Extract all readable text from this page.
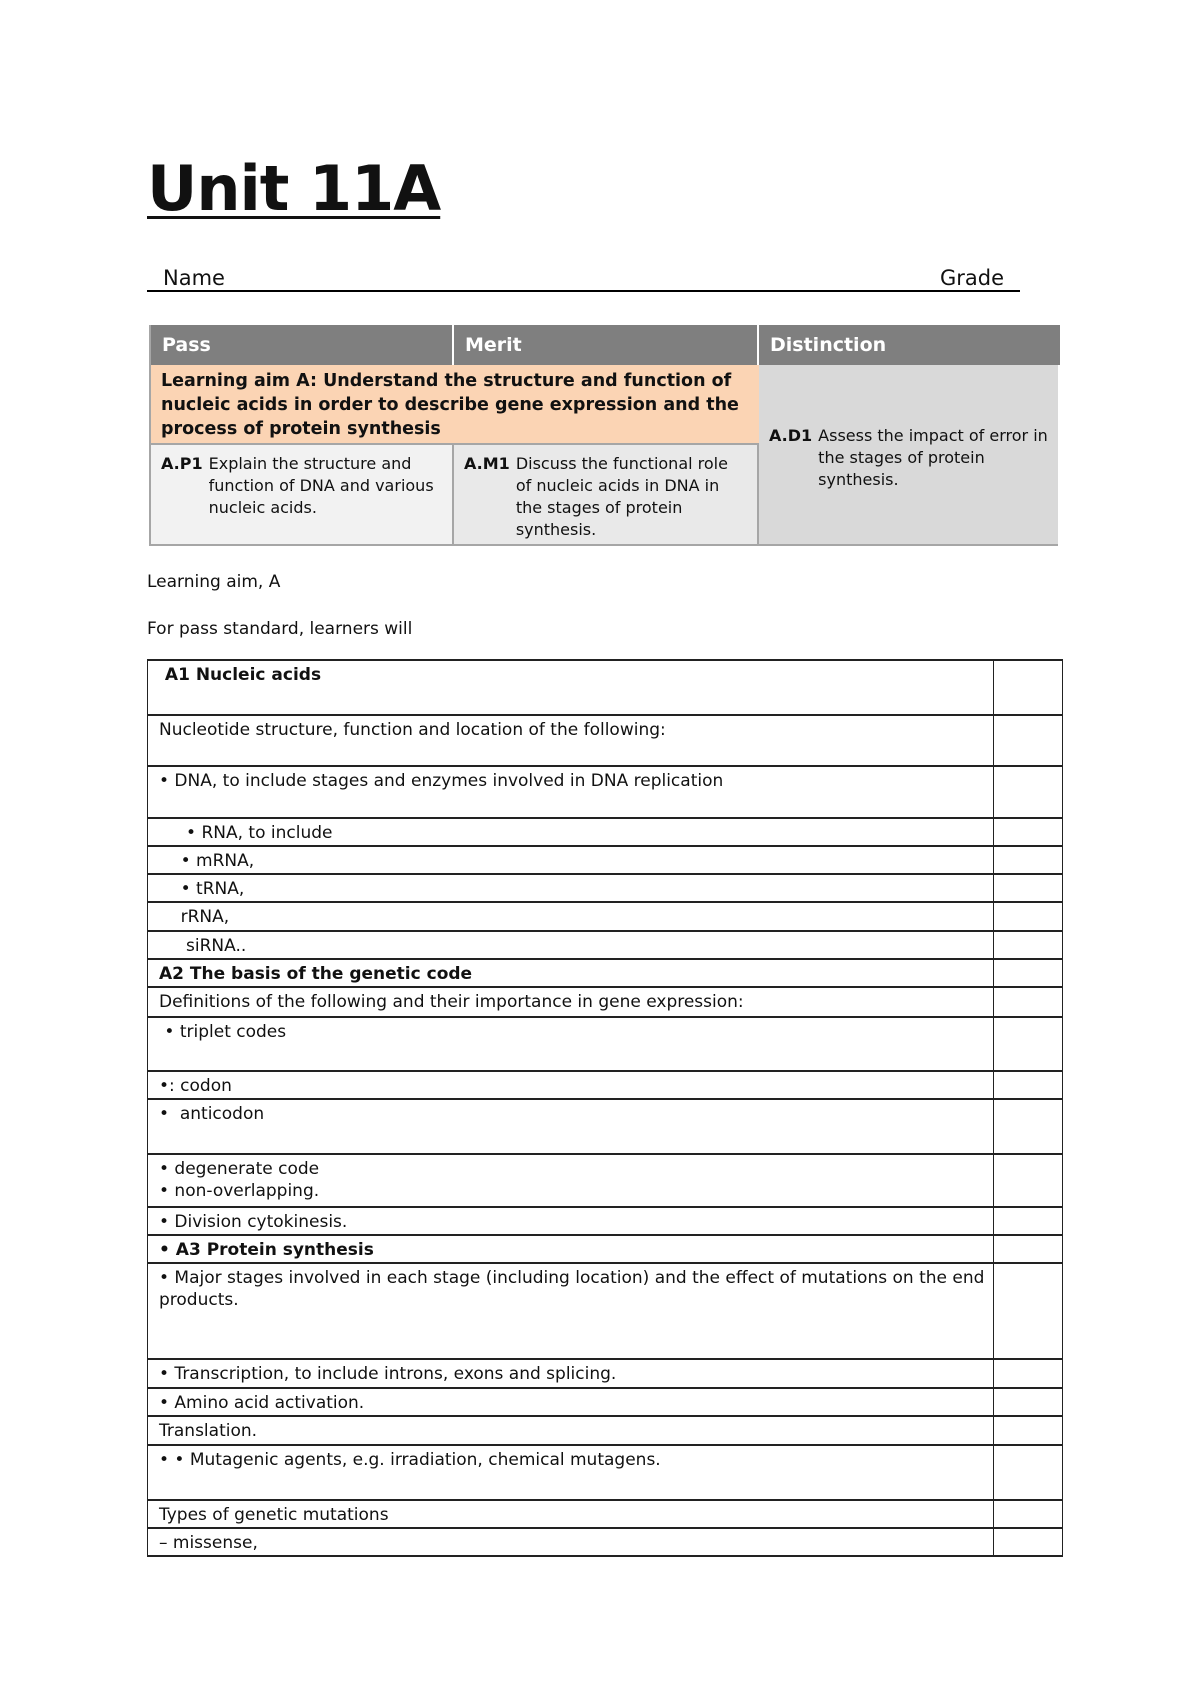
Unit 11A
Name	Grade
Pass	Merit	Distinction
Learning aim A: Understand the structure and function of nucleic acids in order to describe gene expression and the process of protein synthesis
A.P1 Explain the structure and function of DNA and various nucleic acids.
A.M1 Discuss the functional role of nucleic acids in DNA in the stages of protein synthesis.
A.D1 Assess the impact of error in the stages of protein synthesis.
Learning aim, A
For pass standard, learners will
A1 Nucleic acids
Nucleotide structure, function and location of the following:
• DNA, to include stages and enzymes involved in DNA replication
• RNA, to include
• mRNA,
• tRNA,
rRNA,
siRNA..
A2 The basis of the genetic code
Definitions of the following and their importance in gene expression:
• triplet codes
•: codon
•  anticodon
• degenerate code
• non-overlapping.
• Division cytokinesis.
• A3 Protein synthesis
• Major stages involved in each stage (including location) and the effect of mutations on the end
products.
• Transcription, to include introns, exons and splicing.
• Amino acid activation.
Translation.
• • Mutagenic agents, e.g. irradiation, chemical mutagens.
Types of genetic mutations
– missense,
